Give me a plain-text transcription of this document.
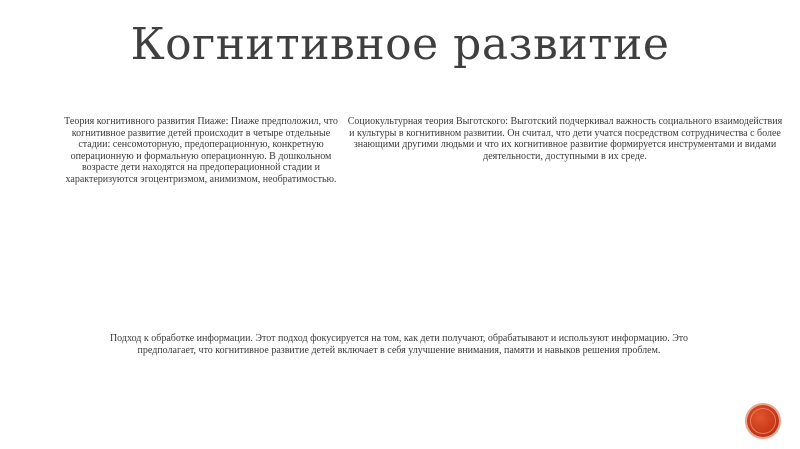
Когнитивное развитие
Теория когнитивного развития Пиаже: Пиаже предположил, что когнитивное развитие детей происходит в четыре отдельные стадии: сенсомоторную, предоперационную, конкретную операционную и формальную операционную. В дошкольном возрасте дети находятся на предоперационной стадии и характеризуются эгоцентризмом, анимизмом, необратимостью.
Социокультурная теория Выготского: Выготский подчеркивал важность социального взаимодействия и культуры в когнитивном развитии. Он считал, что дети учатся посредством сотрудничества с более знающими другими людьми и что их когнитивное развитие формируется инструментами и видами деятельности, доступными в их среде.
Подход к обработке информации. Этот подход фокусируется на том, как дети получают, обрабатывают и используют информацию. Это предполагает, что когнитивное развитие детей включает в себя улучшение внимания, памяти и навыков решения проблем.
